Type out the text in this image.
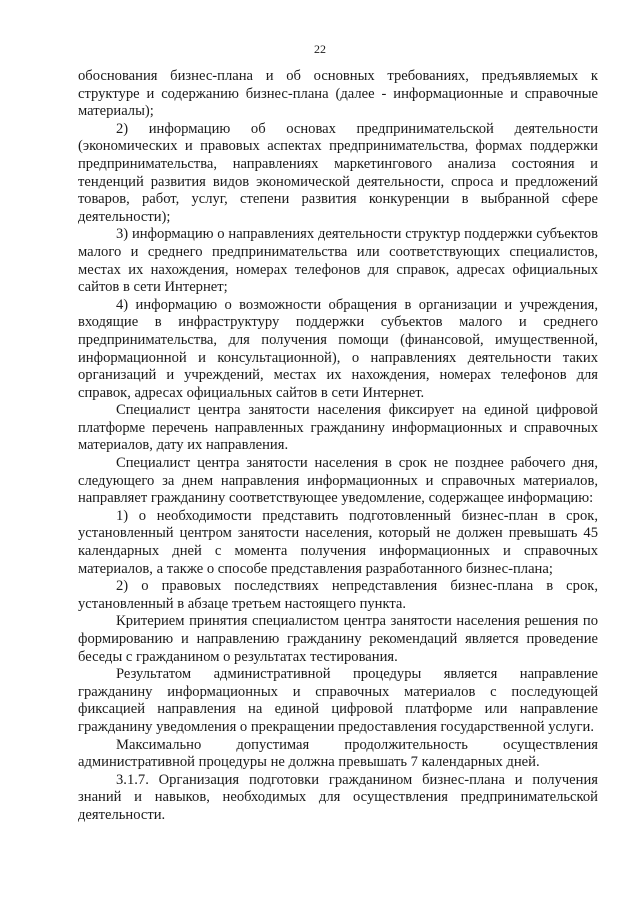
22

обоснования бизнес-плана и об основных требованиях, предъявляемых к структуре и содержанию бизнес-плана (далее - информационные и справочные материалы);

2) информацию об основах предпринимательской деятельности (экономических и правовых аспектах предпринимательства, формах поддержки предпринимательства, направлениях маркетингового анализа состояния и тенденций развития видов экономической деятельности, спроса и предложений товаров, работ, услуг, степени развития конкуренции в выбранной сфере деятельности);

3) информацию о направлениях деятельности структур поддержки субъектов малого и среднего предпринимательства или соответствующих специалистов, местах их нахождения, номерах телефонов для справок, адресах официальных сайтов в сети Интернет;

4) информацию о возможности обращения в организации и учреждения, входящие в инфраструктуру поддержки субъектов малого и среднего предпринимательства, для получения помощи (финансовой, имущественной, информационной и консультационной), о направлениях деятельности таких организаций и учреждений, местах их нахождения, номерах телефонов для справок, адресах официальных сайтов в сети Интернет.

Специалист центра занятости населения фиксирует на единой цифровой платформе перечень направленных гражданину информационных и справочных материалов, дату их направления.

Специалист центра занятости населения в срок не позднее рабочего дня, следующего за днем направления информационных и справочных материалов, направляет гражданину соответствующее уведомление, содержащее информацию:

1) о необходимости представить подготовленный бизнес-план в срок, установленный центром занятости населения, который не должен превышать 45 календарных дней с момента получения информационных и справочных материалов, а также о способе представления разработанного бизнес-плана;

2) о правовых последствиях непредставления бизнес-плана в срок, установленный в абзаце третьем настоящего пункта.

Критерием принятия специалистом центра занятости населения решения по формированию и направлению гражданину рекомендаций является проведение беседы с гражданином о результатах тестирования.

Результатом административной процедуры является направление гражданину информационных и справочных материалов с последующей фиксацией направления на единой цифровой платформе или направление гражданину уведомления о прекращении предоставления государственной услуги.

Максимально допустимая продолжительность осуществления административной процедуры не должна превышать 7 календарных дней.

3.1.7. Организация подготовки гражданином бизнес-плана и получения знаний и навыков, необходимых для осуществления предпринимательской деятельности.
